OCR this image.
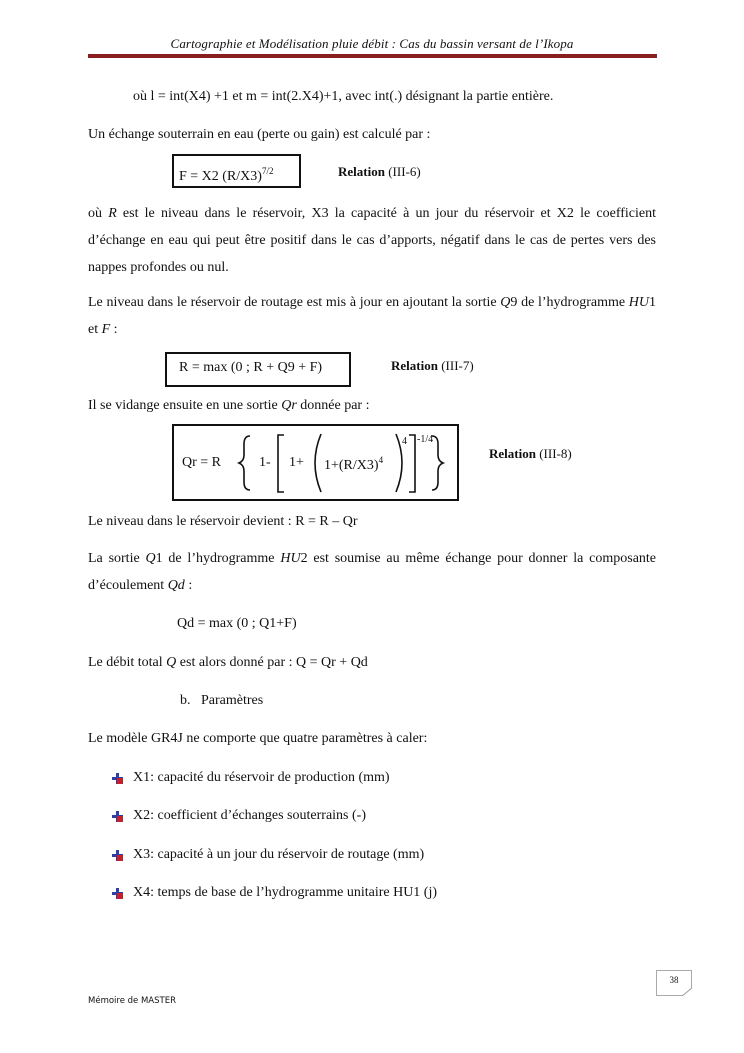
Cartographie et Modélisation pluie débit : Cas du bassin versant de l’Ikopa
où l = int(X4) +1 et m = int(2.X4)+1, avec int(.) désignant la partie entière.
Un échange souterrain en eau (perte ou gain) est calculé par :
F = X2 $(R/X3)^{7/2}$	Relation (III-6)
où R est le niveau dans le réservoir, X3 la capacité à un jour du réservoir et X2 le coefficient d’échange en eau qui peut être positif dans le cas d’apports, négatif dans le cas de pertes vers des nappes profondes ou nul.
Le niveau dans le réservoir de routage est mis à jour en ajoutant la sortie Q9 de l’hydrogramme HU1 et F :
R = max (0 ; R + Q9 + F)	Relation (III-7)
Il se vidange ensuite en une sortie Qr donnée par :
Qr = R	1- $1+ 1+(R/X3)^4$
4 -1/4
Relation (III-8)
Le niveau dans le réservoir devient : R = R – Qr
La sortie Q1 de l’hydrogramme HU2 est soumise au même échange pour donner la composante d’écoulement Qd :
Qd = max (0 ; Q1+F)
Le débit total Q est alors donné par : Q = Qr + Qd
b.   Paramètres
Le modèle GR4J ne comporte que quatre paramètres à caler:
X1: capacité du réservoir de production (mm)
X2: coefficient d’échanges souterrains (-)
X3: capacité à un jour du réservoir de routage (mm)
X4: temps de base de l’hydrogramme unitaire HU1 (j)
38
Mémoire de MASTER
